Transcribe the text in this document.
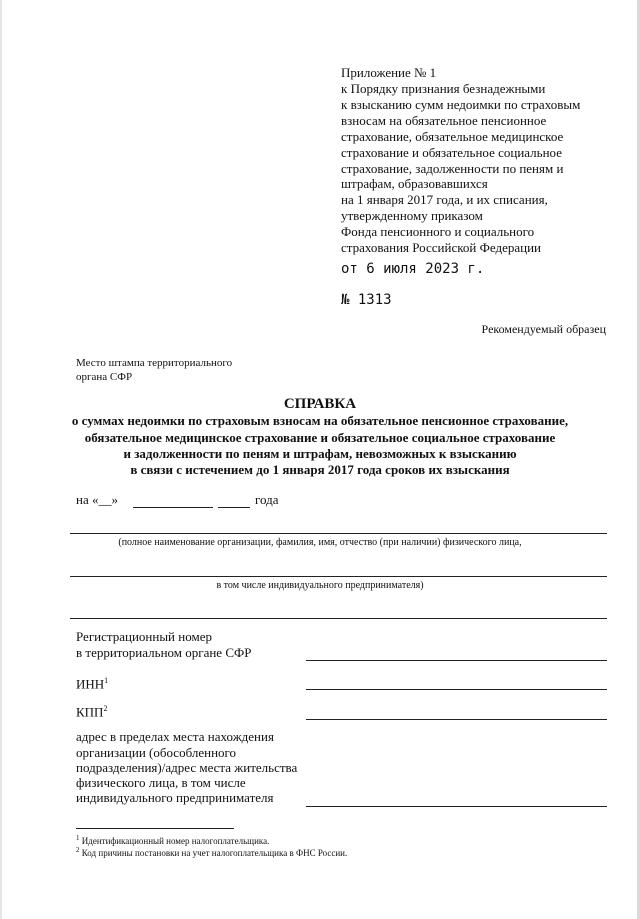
Приложение № 1
к Порядку признания безнадежными
к взысканию сумм недоимки по страховым
взносам на обязательное пенсионное
страхование, обязательное медицинское
страхование и обязательное социальное
страхование, задолженности по пеням и
штрафам, образовавшихся
на 1 января 2017 года, и их списания,
утвержденному приказом
Фонда пенсионного и социального
страхования Российской Федерации
от 6 июля 2023 г.
№ 1313
Рекомендуемый образец
Место штампа территориального
органа СФР
СПРАВКА
о суммах недоимки по страховым взносам на обязательное пенсионное страхование,
обязательное медицинское страхование и обязательное социальное страхование
и задолженности по пеням и штрафам, невозможных к взысканию
в связи с истечением до 1 января 2017 года сроков их взыскания
на «__»	года
(полное наименование организации, фамилия, имя, отчество (при наличии) физического лица,
в том числе индивидуального предпринимателя)
Регистрационный номер
в территориальном органе СФР
ИНН$^1$
КПП$^2$
адрес в пределах места нахождения
организации (обособленного
подразделения)/адрес места жительства
физического лица, в том числе
индивидуального предпринимателя
$^1$ Идентификационный номер налогоплательщика.
$^2$ Код причины постановки на учет налогоплательщика в ФНС России.
